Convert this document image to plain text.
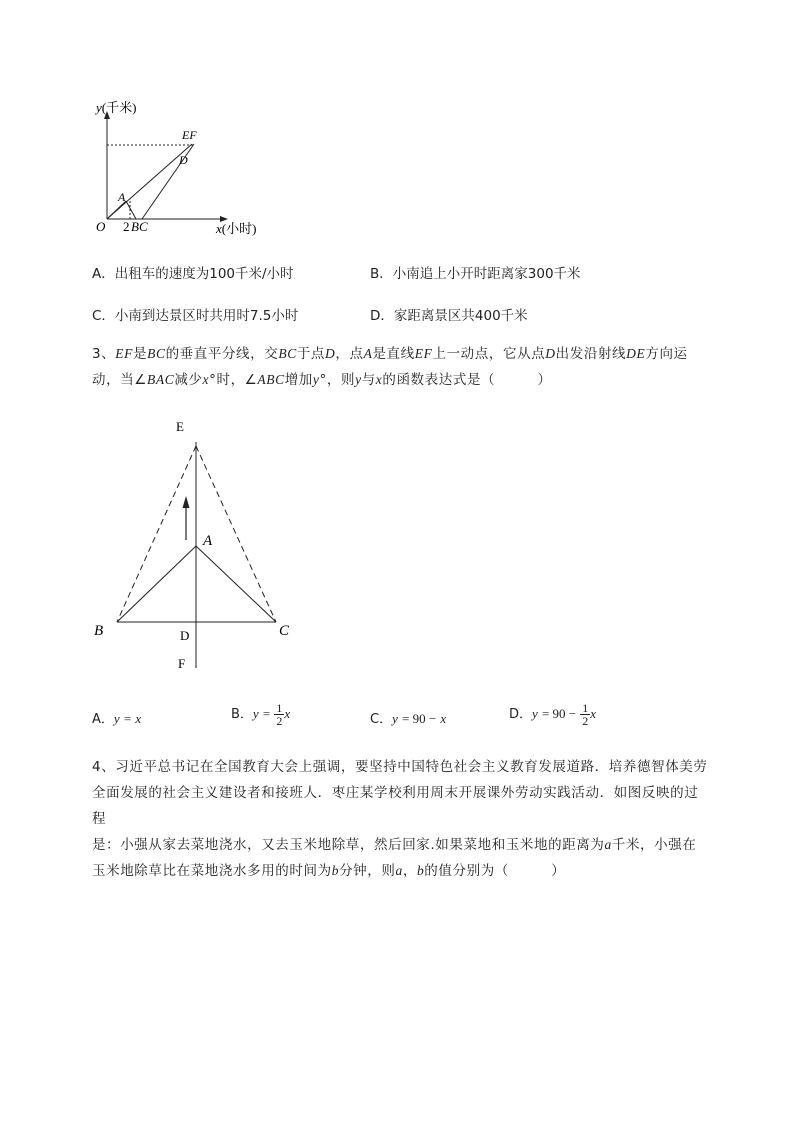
y(千米)
EF
D
A
O 2 BC	x(小时)
A．出租车的速度为100千米/小时	B．小南追上小开时距离家300千米
C．小南到达景区时共用时7.5小时	D．家距离景区共400千米
3、EF是BC的垂直平分线，交BC于点D，点A是直线EF上一动点，它从点D出发沿射线DE方向运
动，当∠BAC减少x°时，∠ABC增加y°，则y与x的函数表达式是（　　　）
E
A
B	C
D
F
A．y = x	B．$y = \frac{1}{2}$ x	C．y = 90 − x	D．$y = 90 - \frac{1}{2}$ x
4、习近平总书记在全国教育大会上强调，要坚持中国特色社会主义教育发展道路．培养德智体美劳
全面发展的社会主义建设者和接班人．枣庄某学校利用周末开展课外劳动实践活动．如图反映的过程
是：小强从家去菜地浇水，又去玉米地除草，然后回家.如果菜地和玉米地的距离为a千米，小强在
玉米地除草比在菜地浇水多用的时间为b分钟，则a，b的值分别为（　　　）
